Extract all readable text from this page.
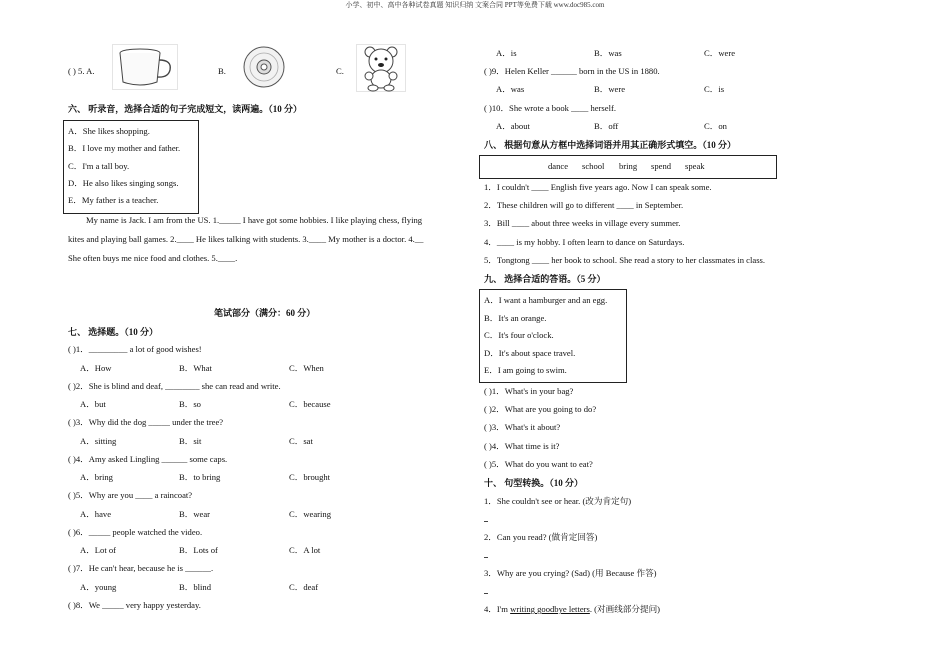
小学、初中、高中各种试卷真题 知识归纳 文案合同 PPT等免费下载 www.doc985.com
( ) 5. A.	B.	C.
六、 听录音，选择合适的句子完成短文，读两遍。（10 分）
A．She likes shopping.
B．I love my mother and father.
C．I'm a tall boy.
D．He also likes singing songs.
E．My father is a teacher.
My name is Jack. I am from the US. 1._____ I have got some hobbies. I like playing chess, flying
kites and playing ball games. 2.____ He likes talking with students. 3.____ My mother is a doctor. 4.__
She often buys me nice food and clothes. 5.____.
笔试部分（满分：60 分）
七、 选择题。（10 分）
( )1．_________ a lot of good wishes!
A．How	B．What	C．When
( )2．She is blind and deaf, ________ she can read and write.
A．but	B．so	C．because
( )3．Why did the dog _____ under the tree?
A．sitting	B．sit	C．sat
( )4．Amy asked Lingling ______ some caps.
A．bring	B．to bring	C．brought
( )5．Why are you ____ a raincoat?
A．have	B．wear	C．wearing
( )6．_____ people watched the video.
A．Lot of	B．Lots of	C．A lot
( )7．He can't hear, because he is ______.
A．young	B．blind	C．deaf
( )8．We _____ very happy yesterday.
A．is	B．was	C．were
( )9．Helen Keller ______ born in the US in 1880.
A．was	B．were	C．is
( )10．She wrote a book ____ herself.
A．about	B．off	C．on
八、 根据句意从方框中选择词语并用其正确形式填空。（10 分）
dance school bring spend speak
1．I couldn't ____ English five years ago. Now I can speak some.
2．These children will go to different ____ in September.
3．Bill ____ about three weeks in village every summer.
4．____ is my hobby. I often learn to dance on Saturdays.
5．Tongtong ____ her book to school. She read a story to her classmates in class.
九、 选择合适的答语。（5 分）
A．I want a hamburger and an egg.
B．It's an orange.
C．It's four o'clock.
D．It's about space travel.
E．I am going to swim.
( )1．What's in your bag?
( )2．What are you going to do?
( )3．What's it about?
( )4．What time is it?
( )5．What do you want to eat?
十、 句型转换。（10 分）
1．She couldn't see or hear. (改为肯定句)
2．Can you read? (做肯定回答)
3．Why are you crying? (Sad) (用 Because 作答)
4．I'm writing goodbye letters. (对画线部分提问)
